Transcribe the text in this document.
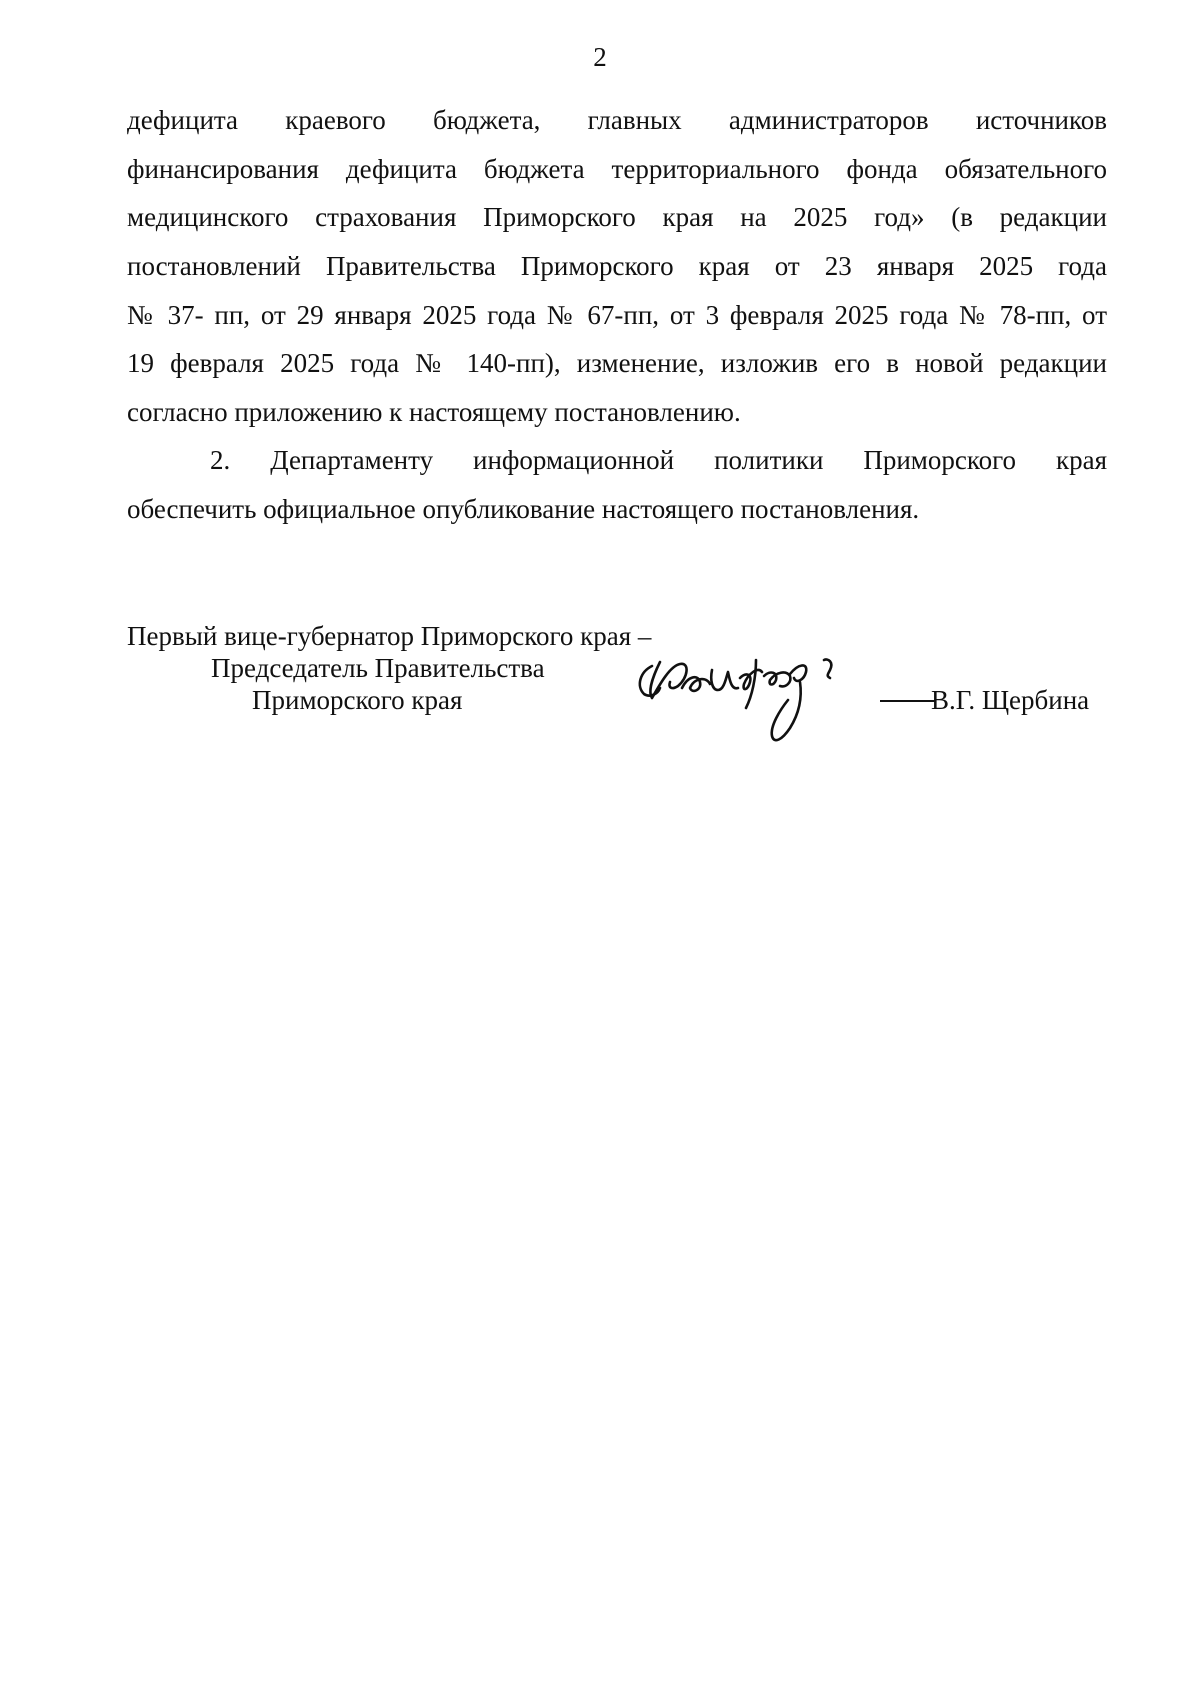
2
дефицита краевого бюджета, главных администраторов источников
финансирования дефицита бюджета территориального фонда обязательного
медицинского страхования Приморского края на 2025 год» (в редакции
постановлений Правительства Приморского края от 23 января 2025 года
№ 37- пп, от 29 января 2025 года № 67-пп, от 3 февраля 2025 года № 78-пп, от
19 февраля 2025 года № 140-пп), изменение, изложив его в новой редакции
согласно приложению к настоящему постановлению.
2. Департаменту информационной политики Приморского края
обеспечить официальное опубликование настоящего постановления.
Первый вице-губернатор Приморского края –
Председатель Правительства
Приморского края	В.Г. Щербина
